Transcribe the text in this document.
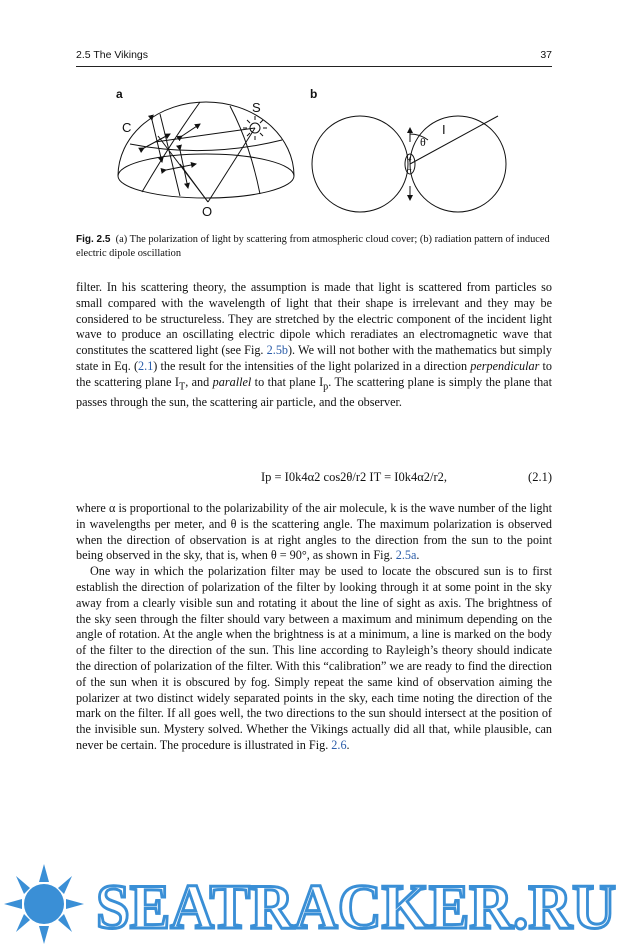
2.5 The Vikings	37
a
C
S
O
b
θ
I
+
−
Fig. 2.5 (a) The polarization of light by scattering from atmospheric cloud cover; (b) radiation pattern of induced electric dipole oscillation

filter. In his scattering theory, the assumption is made that light is scattered from particles so small compared with the wavelength of light that their shape is irrelevant and they may be considered to be structureless. They are stretched by the electric component of the incident light wave to produce an oscillating electric dipole which reradiates an electromagnetic wave that constitutes the scattered light (see Fig. 2.5b). We will not bother with the mathematics but simply state in Eq. (2.1) the result for the intensities of the light polarized in a direction perpendicular to the scattering plane $I_T$, and parallel to that plane $I_p$. The scattering plane is simply the plane that passes through the sun, the scattering air particle, and the observer.

Ip = I0k4α2 cos2θ/r2 IT = I0k4α2/r2,	(2.1)

where α is proportional to the polarizability of the air molecule, k is the wave number of the light in wavelengths per meter, and θ is the scattering angle. The maximum polarization is observed when the direction of observation is at right angles to the direction from the sun to the point being observed in the sky, that is, when θ = 90°, as shown in Fig. 2.5a.

One way in which the polarization filter may be used to locate the obscured sun is to first establish the direction of polarization of the filter by looking through it at some point in the sky away from a clearly visible sun and rotating it about the line of sight as axis. The brightness of the sky seen through the filter should vary between a maximum and minimum depending on the angle of rotation. At the angle when the brightness is at a minimum, a line is marked on the body of the filter to the direction of the sun. This line according to Rayleigh’s theory should indicate the direction of polarization of the filter. With this “calibration” we are ready to find the direction of the sun when it is obscured by fog. Simply repeat the same kind of observation aiming the polarizer at two distinct widely separated points in the sky, each time noting the direction of the mark on the filter. If all goes well, the two directions to the sun should intersect at the position of the invisible sun. Mystery solved. Whether the Vikings actually did all that, while plausible, can never be certain. The procedure is illustrated in Fig. 2.6.

SEATRACKER.RU
